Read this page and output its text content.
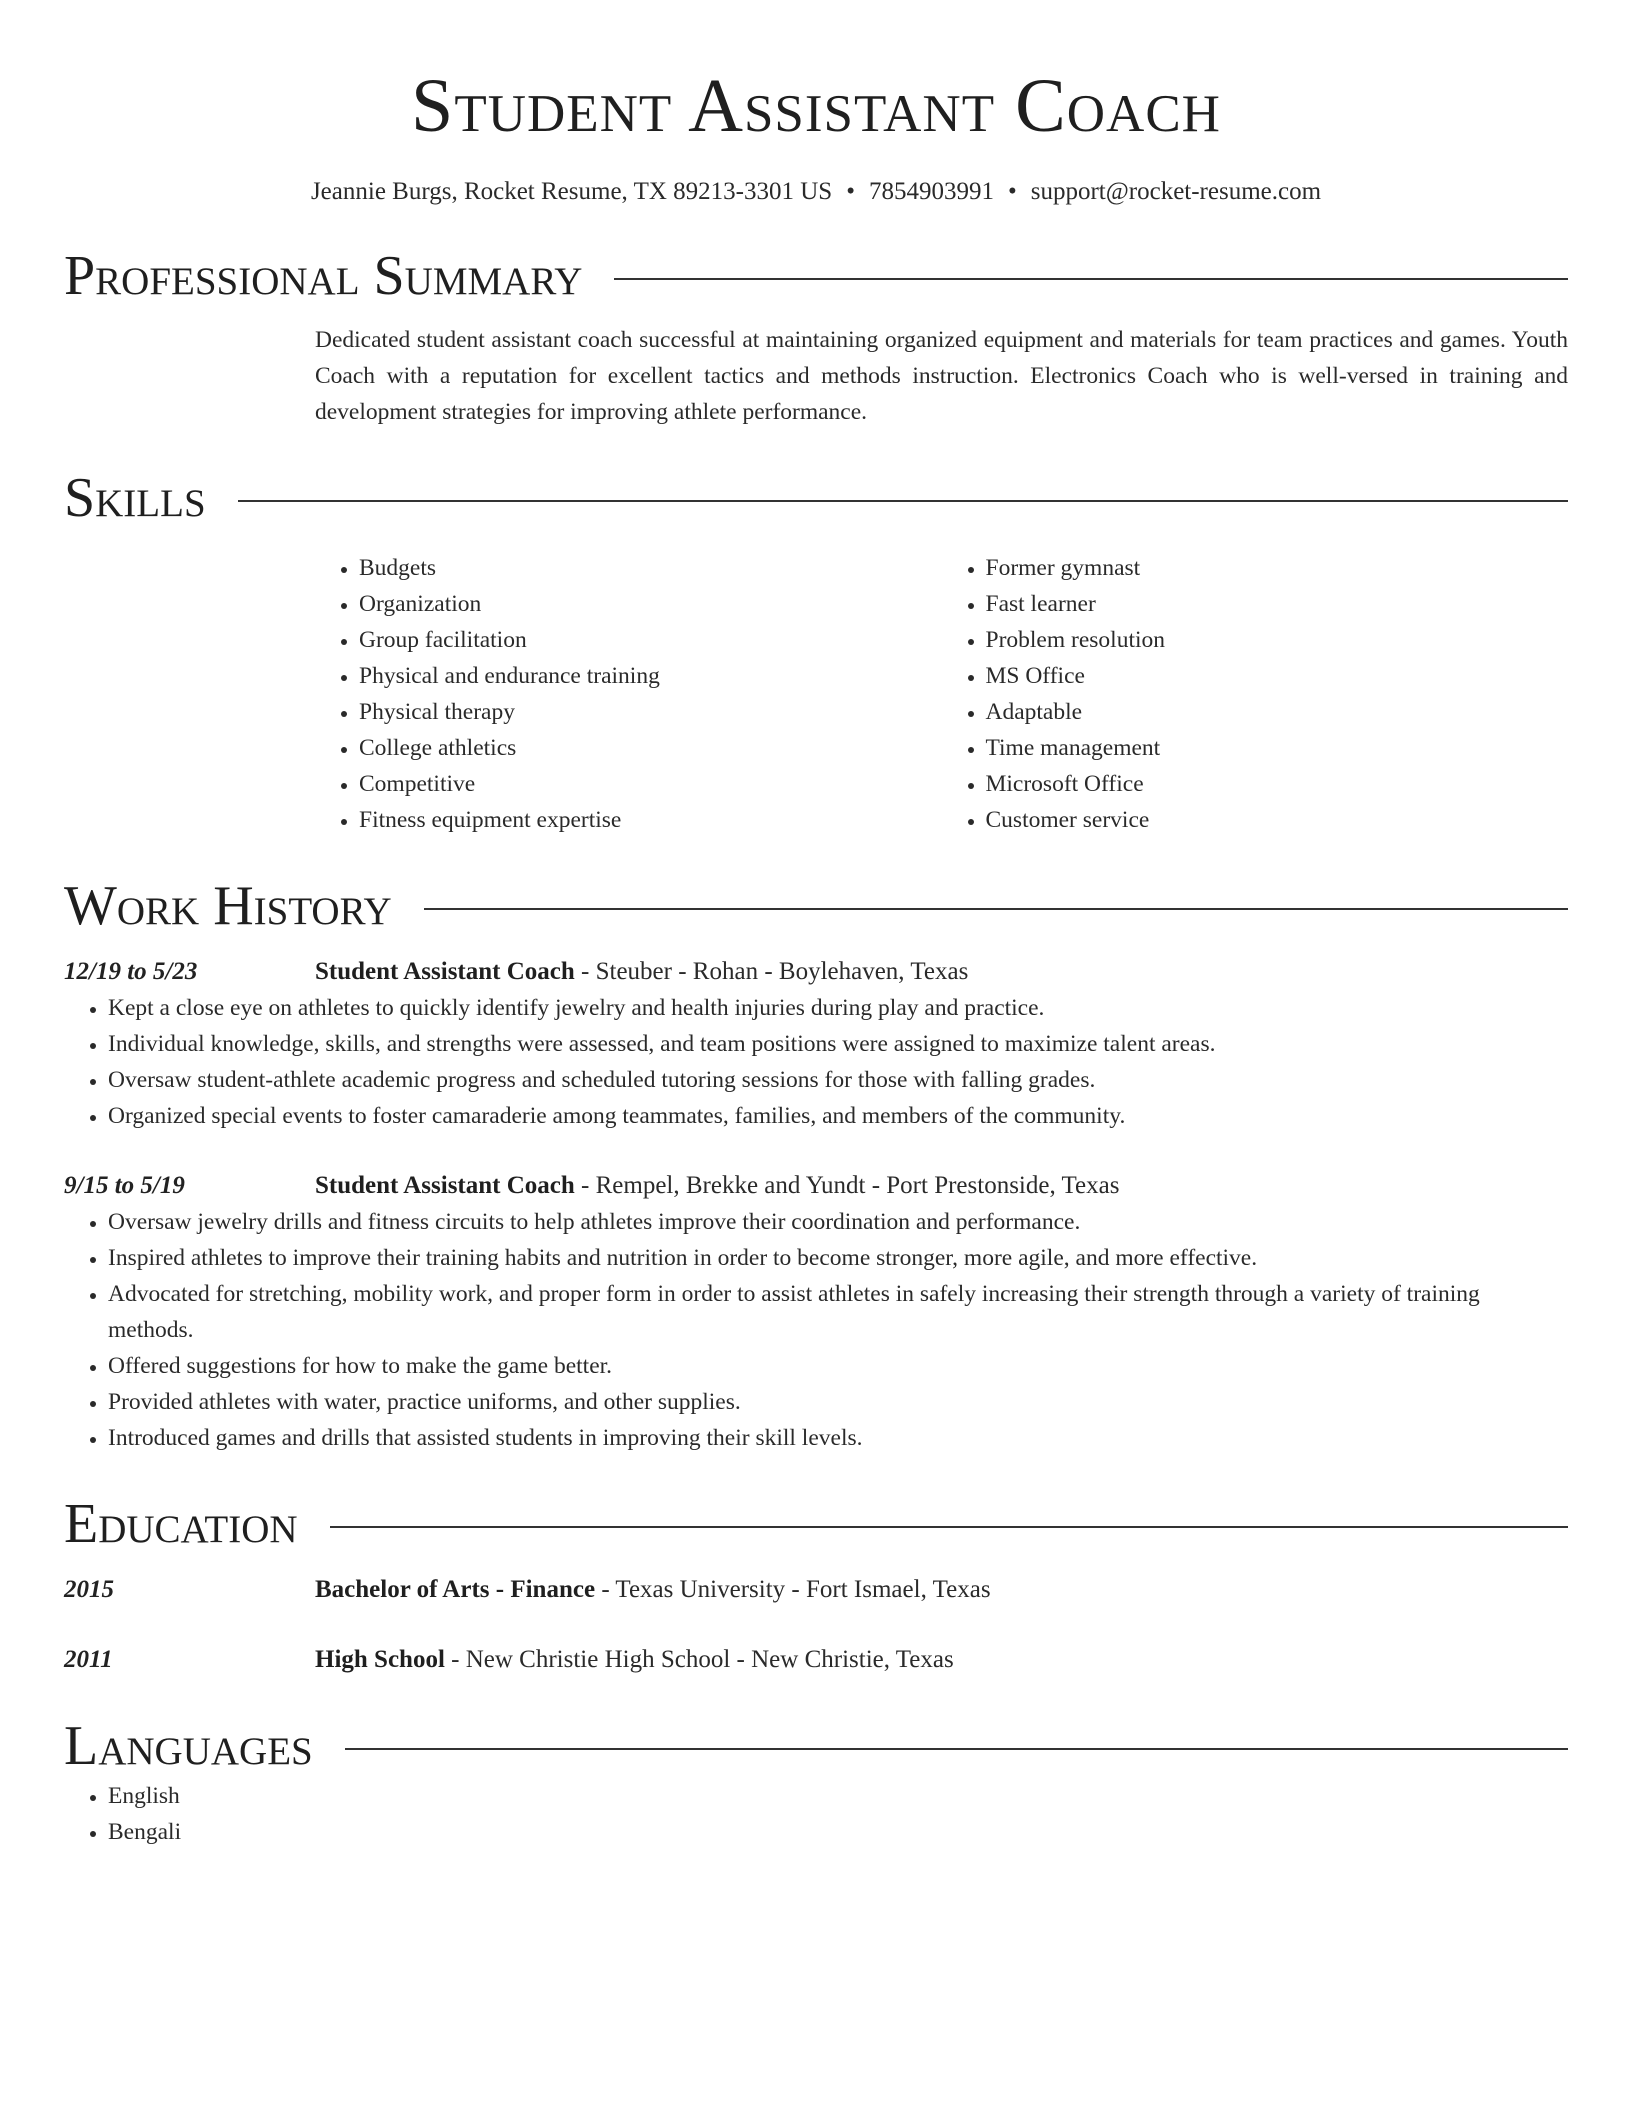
Student Assistant Coach
Jeannie Burgs, Rocket Resume, TX 89213-3301 US • 7854903991 • support@rocket-resume.com
Professional Summary

Dedicated student assistant coach successful at maintaining organized equipment and materials for team practices and games. Youth Coach with a reputation for excellent tactics and methods instruction. Electronics Coach who is well-versed in training and development strategies for improving athlete performance.

Skills
• Budgets
• Organization
• Group facilitation
• Physical and endurance training
• Physical therapy
• College athletics
• Competitive
• Fitness equipment expertise
• Former gymnast
• Fast learner
• Problem resolution
• MS Office
• Adaptable
• Time management
• Microsoft Office
• Customer service
Work History
12/19 to 5/23	Student Assistant Coach - Steuber - Rohan - Boylehaven, Texas
• Kept a close eye on athletes to quickly identify jewelry and health injuries during play and practice.
• Individual knowledge, skills, and strengths were assessed, and team positions were assigned to maximize talent areas.
• Oversaw student-athlete academic progress and scheduled tutoring sessions for those with falling grades.
• Organized special events to foster camaraderie among teammates, families, and members of the community.
9/15 to 5/19	Student Assistant Coach - Rempel, Brekke and Yundt - Port Prestonside, Texas
• Oversaw jewelry drills and fitness circuits to help athletes improve their coordination and performance.
• Inspired athletes to improve their training habits and nutrition in order to become stronger, more agile, and more effective.
• Advocated for stretching, mobility work, and proper form in order to assist athletes in safely increasing their strength through a variety of training methods.
• Offered suggestions for how to make the game better.
• Provided athletes with water, practice uniforms, and other supplies.
• Introduced games and drills that assisted students in improving their skill levels.
Education
2015	Bachelor of Arts - Finance - Texas University - Fort Ismael, Texas
2011	High School - New Christie High School - New Christie, Texas
Languages
• English
• Bengali
